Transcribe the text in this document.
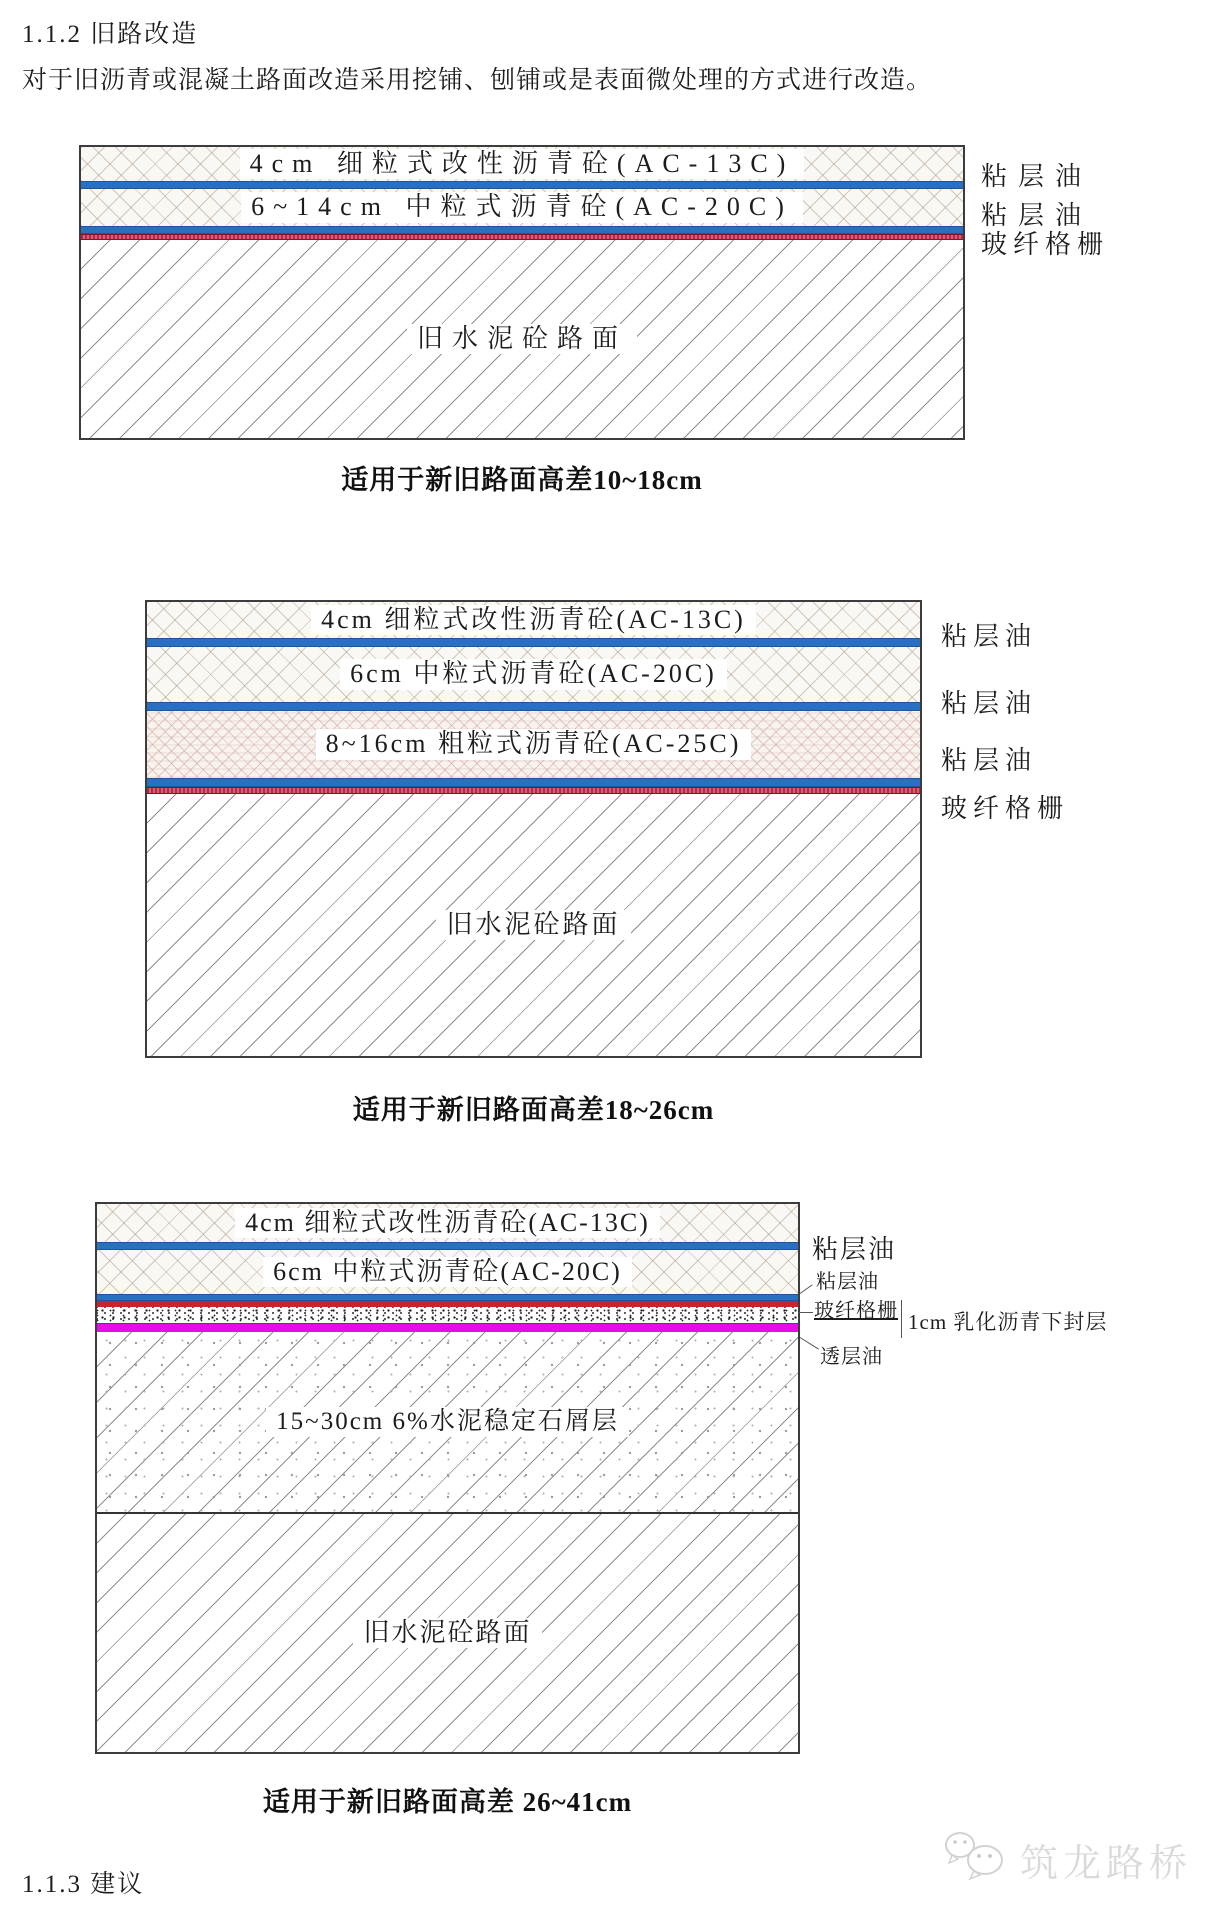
1.1.2 旧路改造
对于旧沥青或混凝土路面改造采用挖铺、刨铺或是表面微处理的方式进行改造。
4cm 细粒式改性沥青砼(AC-13C)
6~14cm 中粒式沥青砼(AC-20C)
旧水泥砼路面
粘层油
粘层油
玻纤格栅
适用于新旧路面高差10~18cm
4cm 细粒式改性沥青砼(AC-13C)
6cm 中粒式沥青砼(AC-20C)
8~16cm 粗粒式沥青砼(AC-25C)
旧水泥砼路面
粘层油
粘层油
粘层油
玻纤格栅
适用于新旧路面高差18~26cm
4cm 细粒式改性沥青砼(AC-13C)
6cm 中粒式沥青砼(AC-20C)
15~30cm 6%水泥稳定石屑层
旧水泥砼路面
粘层油
粘层油
玻纤格栅 1cm 乳化沥青下封层
透层油
适用于新旧路面高差 26~41cm
1.1.3 建议	筑龙路桥
